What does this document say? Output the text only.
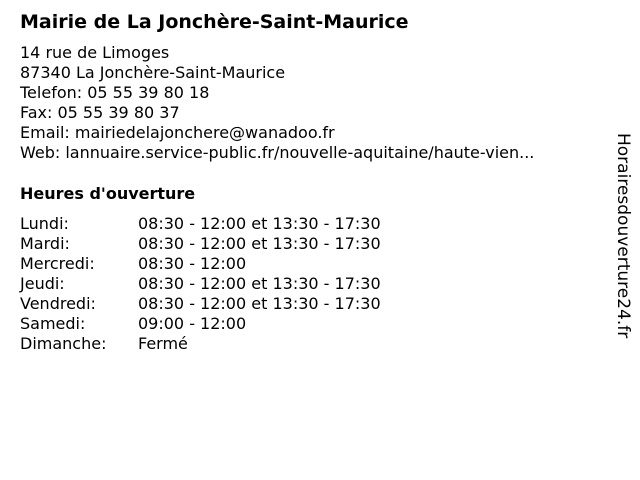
Mairie de La Jonchère-Saint-Maurice
14 rue de Limoges
87340 La Jonchère-Saint-Maurice
Telefon: 05 55 39 80 18
Fax: 05 55 39 80 37
Email: mairiedelajonchere@wanadoo.fr
Web: lannuaire.service-public.fr/nouvelle-aquitaine/haute-vien...
Heures d'ouverture
Lundi:	08:30 - 12:00 et 13:30 - 17:30
Mardi:	08:30 - 12:00 et 13:30 - 17:30
Mercredi:	08:30 - 12:00
Jeudi:	08:30 - 12:00 et 13:30 - 17:30
Vendredi:	08:30 - 12:00 et 13:30 - 17:30
Samedi:	09:00 - 12:00
Dimanche: Fermé
Horairesdouverture24.fr
